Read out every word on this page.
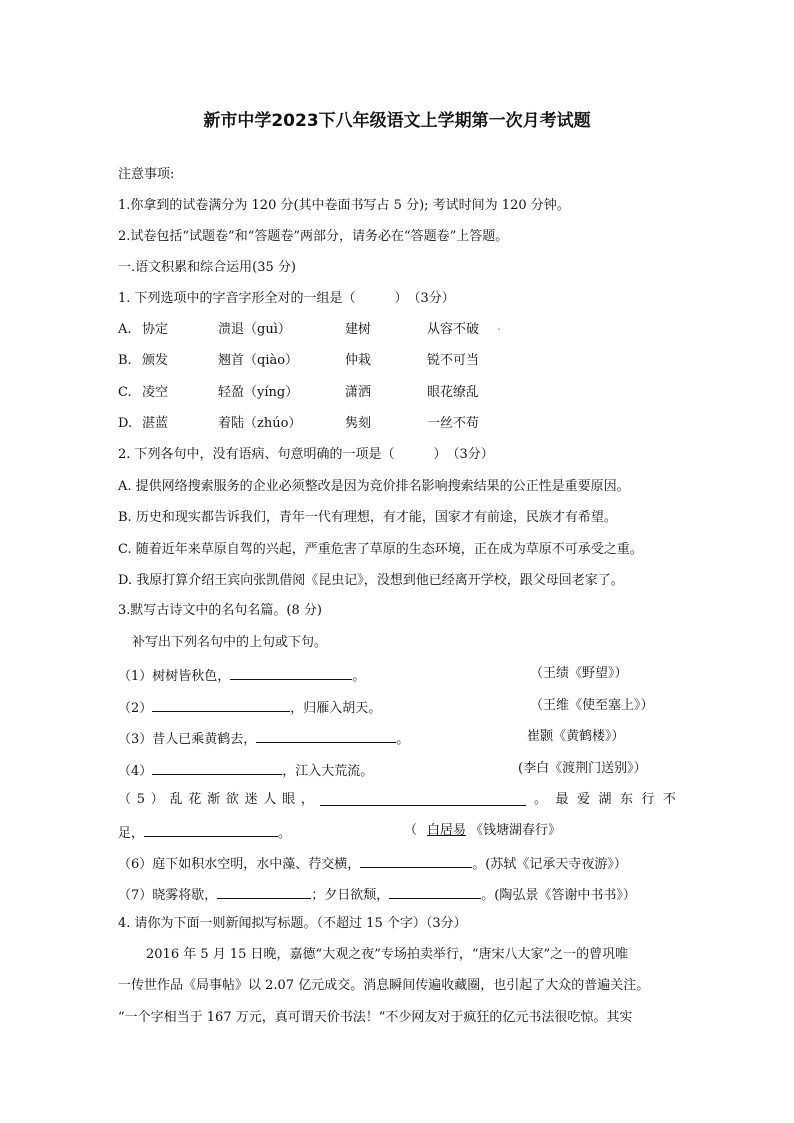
新市中学2023下八年级语文上学期第一次月考试题
注意事项:
1.你拿到的试卷满分为 120 分(其中卷面书写占 5 分); 考试时间为 120 分钟。
2.试卷包括“试题卷”和“答题卷”两部分，请务必在“答题卷”上答题。
一.语文积累和综合运用(35 分)
1. 下列选项中的字音字形全对的一组是（　　　）　（3分）
A. 协定	溃退（guì）	建树	从容不破 .
B. 颁发	翘首（qiào）	仲栽	锐不可当
C. 凌空	轻盈（yíng）	潇洒	眼花缭乱
D. 湛蓝	着陆（zhúo）	隽刻	一丝不苟
2. 下列各句中，没有语病、句意明确的一项是（　　　）　（3分）
A. 提供网络搜索服务的企业必须整改是因为竞价排名影响搜索结果的公正性是重要原因。
B. 历史和现实都告诉我们，青年一代有理想，有才能，国家才有前途，民族才有希望。
C. 随着近年来草原自驾的兴起，严重危害了草原的生态环境，正在成为草原不可承受之重。
D. 我原打算介绍王宾向张凯借阅《昆虫记》，没想到他已经离开学校，跟父母回老家了。
3.默写古诗文中的名句名篇。(8 分)
补写出下列名句中的上句或下句。
（1）树树皆秋色，	。	（王绩《野望》）
（2）	，归雁入胡天。	（王维《使至塞上》）
（3）昔人已乘黄鹤去，	。	崔颢《黄鹤楼》）
（4）	，江入大荒流。	(李白《渡荆门送别》）
（ 5 ） 乱 花 渐 欲 迷 人 眼 ，	。 最 爱 湖 东 行 不
足，	。	（ 白居易 《钱塘湖春行》
（6）庭下如积水空明，水中藻、荇交横，	。(苏轼《记承天寺夜游》）
（7）晓雾将歇，	；夕日欲颓，	。(陶弘景《答谢中书书》）
4. 请你为下面一则新闻拟写标题。（不超过 15 个字）（3分）
2016 年 5 月 15 日晚，嘉德“大观之夜”专场拍卖举行，“唐宋八大家”之一的曾巩唯
一传世作品《局事帖》以 2.07 亿元成交。消息瞬间传遍收藏圈，也引起了大众的普遍关注。
“一个字相当于 167 万元，真可谓天价书法！”不少网友对于疯狂的亿元书法很吃惊。其实
